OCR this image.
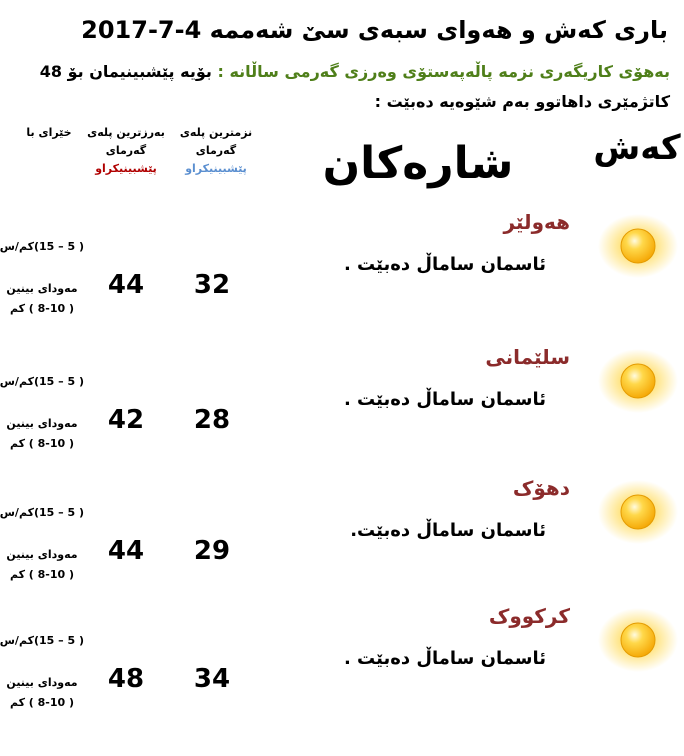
باری کەش و هەوای سبەی سێ شەممە 4-7-2017
بەهۆی کاریگەری نزمە پاڵەپەستۆی وەرزی گەرمی ساڵانە : بۆیە پێشبینیمان بۆ 48
کاتژمێری داهاتوو بەم شێوەیە دەبێت :
کەش
شارەکان
نزمترین پلەی
گەرمای
پێشبینیکراو
بەرزترین پلەی
گەرمای
پێشبینیکراو
خێرای با
هەولێر
ئاسمان ساماڵ دەبێت .
32
44
( 5 – 15)کم/س
مەودای بینین
( 8-10 ) کم
سلێمانی
ئاسمان ساماڵ دەبێت .
28
42
( 5 – 15)کم/س
مەودای بینین
( 8-10 ) کم
دهۆک
ئاسمان ساماڵ دەبێت.
29
44
( 5 – 15)کم/س
مەودای بینین
( 8-10 ) کم
کرکووک
ئاسمان ساماڵ دەبێت .
34
48
( 5 – 15)کم/س
مەودای بینین
( 8-10 ) کم
